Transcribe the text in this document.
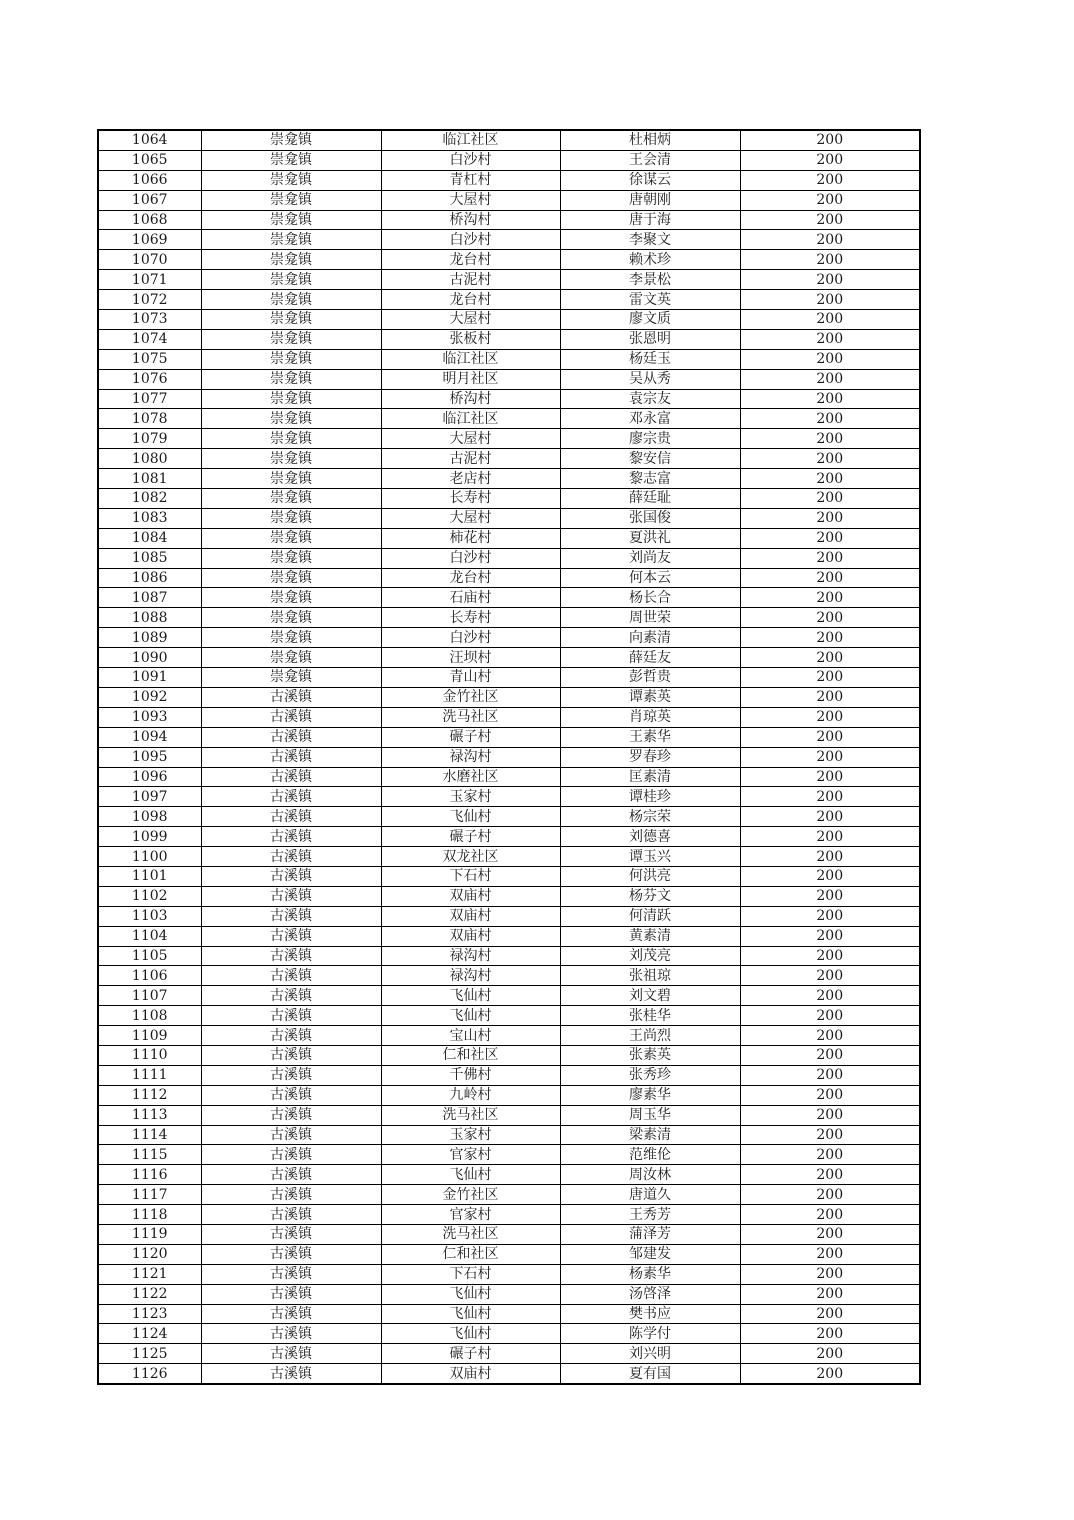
1064	崇龛镇	临江社区	杜相炳	200
1065	崇龛镇	白沙村	王会清	200
1066	崇龛镇	青杠村	徐谋云	200
1067	崇龛镇	大屋村	唐朝刚	200
1068	崇龛镇	桥沟村	唐于海	200
1069	崇龛镇	白沙村	李聚文	200
1070	崇龛镇	龙台村	赖术珍	200
1071	崇龛镇	古泥村	李景松	200
1072	崇龛镇	龙台村	雷文英	200
1073	崇龛镇	大屋村	廖文质	200
1074	崇龛镇	张板村	张恩明	200
1075	崇龛镇	临江社区	杨廷玉	200
1076	崇龛镇	明月社区	吴从秀	200
1077	崇龛镇	桥沟村	袁宗友	200
1078	崇龛镇	临江社区	邓永富	200
1079	崇龛镇	大屋村	廖宗贵	200
1080	崇龛镇	古泥村	黎安信	200
1081	崇龛镇	老店村	黎志富	200
1082	崇龛镇	长寿村	薛廷耻	200
1083	崇龛镇	大屋村	张国俊	200
1084	崇龛镇	柿花村	夏洪礼	200
1085	崇龛镇	白沙村	刘尚友	200
1086	崇龛镇	龙台村	何本云	200
1087	崇龛镇	石庙村	杨长合	200
1088	崇龛镇	长寿村	周世荣	200
1089	崇龛镇	白沙村	向素清	200
1090	崇龛镇	汪坝村	薛廷友	200
1091	崇龛镇	青山村	彭哲贵	200
1092	古溪镇	金竹社区	谭素英	200
1093	古溪镇	洗马社区	肖琼英	200
1094	古溪镇	碾子村	王素华	200
1095	古溪镇	禄沟村	罗春珍	200
1096	古溪镇	水磨社区	匡素清	200
1097	古溪镇	玉家村	谭桂珍	200
1098	古溪镇	飞仙村	杨宗荣	200
1099	古溪镇	碾子村	刘德喜	200
1100	古溪镇	双龙社区	谭玉兴	200
1101	古溪镇	下石村	何洪亮	200
1102	古溪镇	双庙村	杨芬文	200
1103	古溪镇	双庙村	何清跃	200
1104	古溪镇	双庙村	黄素清	200
1105	古溪镇	禄沟村	刘茂亮	200
1106	古溪镇	禄沟村	张祖琼	200
1107	古溪镇	飞仙村	刘文碧	200
1108	古溪镇	飞仙村	张桂华	200
1109	古溪镇	宝山村	王尚烈	200
1110	古溪镇	仁和社区	张素英	200
1111	古溪镇	千佛村	张秀珍	200
1112	古溪镇	九岭村	廖素华	200
1113	古溪镇	洗马社区	周玉华	200
1114	古溪镇	玉家村	梁素清	200
1115	古溪镇	官家村	范维伦	200
1116	古溪镇	飞仙村	周汝林	200
1117	古溪镇	金竹社区	唐道久	200
1118	古溪镇	官家村	王秀芳	200
1119	古溪镇	洗马社区	蒲泽芳	200
1120	古溪镇	仁和社区	邹建发	200
1121	古溪镇	下石村	杨素华	200
1122	古溪镇	飞仙村	汤啓泽	200
1123	古溪镇	飞仙村	樊书应	200
1124	古溪镇	飞仙村	陈学付	200
1125	古溪镇	碾子村	刘兴明	200
1126	古溪镇	双庙村	夏有国	200
